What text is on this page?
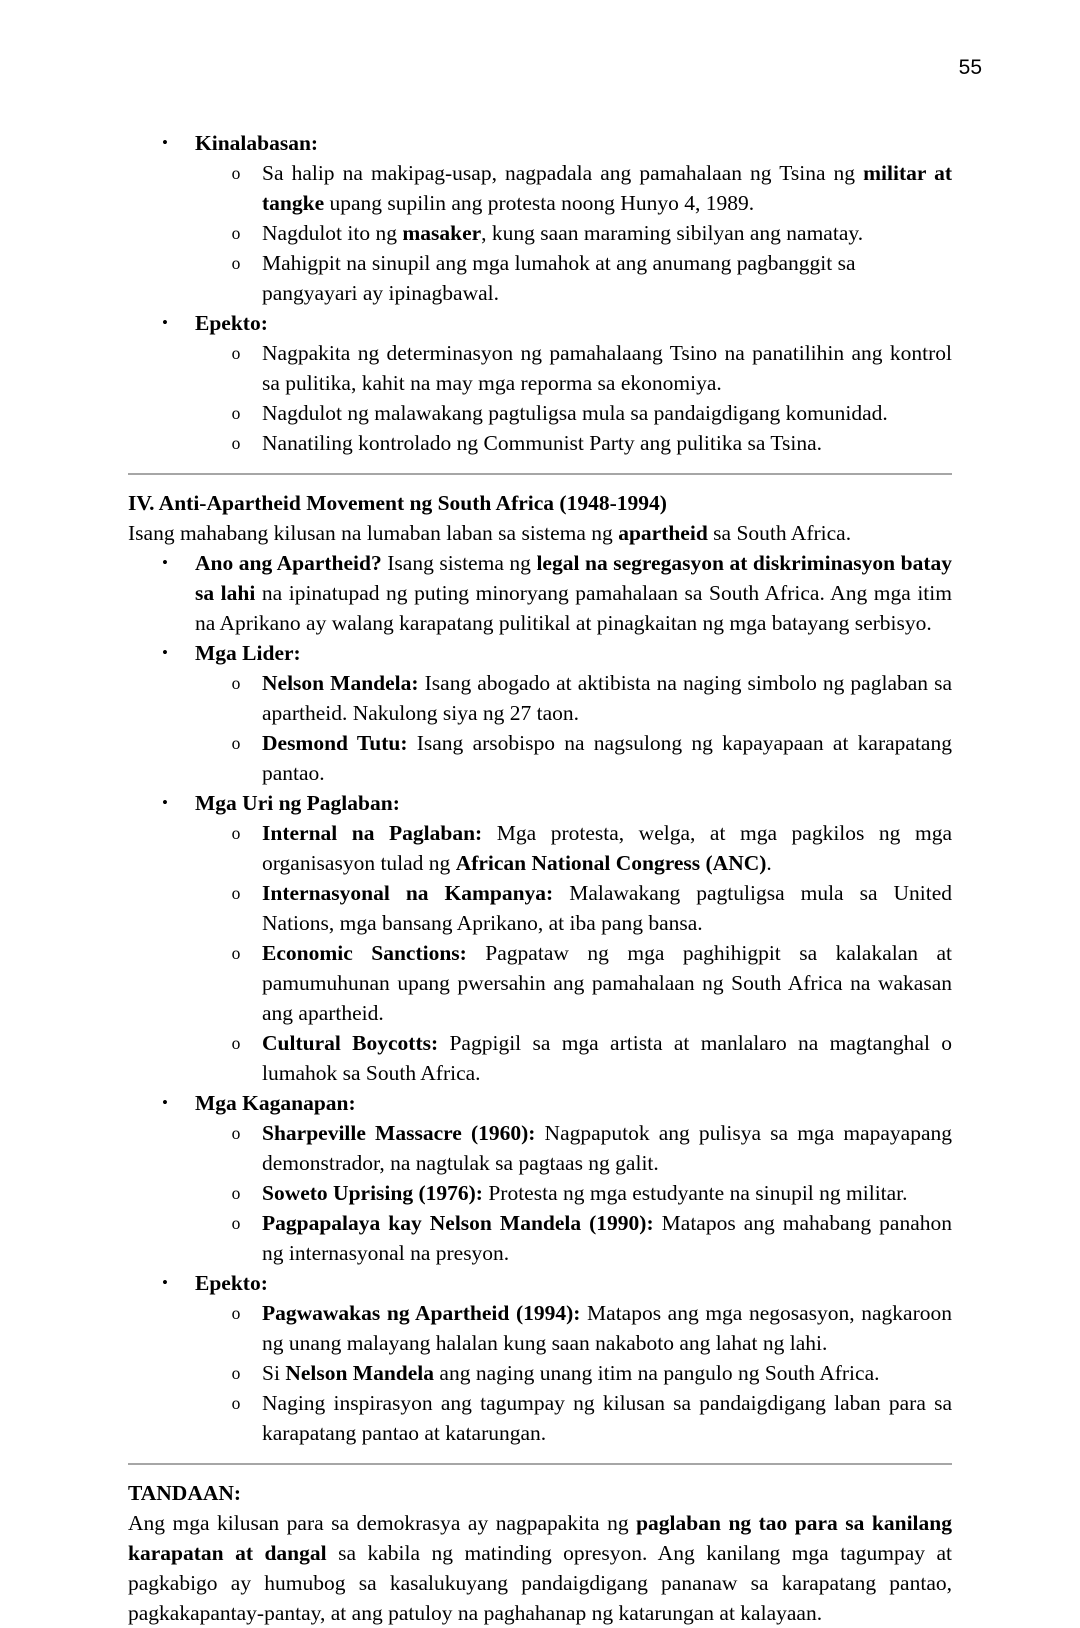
55
• Kinalabasan:
o Sa halip na makipag-usap, nagpadala ang pamahalaan ng Tsina ng militar at tangke upang supilin ang protesta noong Hunyo 4, 1989.
o Nagdulot ito ng masaker, kung saan maraming sibilyan ang namatay.
o Mahigpit na sinupil ang mga lumahok at ang anumang pagbanggit sa pangyayari ay ipinagbawal.
• Epekto:
o Nagpakita ng determinasyon ng pamahalaang Tsino na panatilihin ang kontrol sa pulitika, kahit na may mga reporma sa ekonomiya.
o Nagdulot ng malawakang pagtuligsa mula sa pandaigdigang komunidad.
o Nanatiling kontrolado ng Communist Party ang pulitika sa Tsina.
IV. Anti-Apartheid Movement ng South Africa (1948-1994)
Isang mahabang kilusan na lumaban laban sa sistema ng apartheid sa South Africa.
• Ano ang Apartheid? Isang sistema ng legal na segregasyon at diskriminasyon batay sa lahi na ipinatupad ng puting minoryang pamahalaan sa South Africa. Ang mga itim na Aprikano ay walang karapatang pulitikal at pinagkaitan ng mga batayang serbisyo.
• Mga Lider:
o Nelson Mandela: Isang abogado at aktibista na naging simbolo ng paglaban sa apartheid. Nakulong siya ng 27 taon.
o Desmond Tutu: Isang arsobispo na nagsulong ng kapayapaan at karapatang pantao.
• Mga Uri ng Paglaban:
o Internal na Paglaban: Mga protesta, welga, at mga pagkilos ng mga organisasyon tulad ng African National Congress (ANC).
o Internasyonal na Kampanya: Malawakang pagtuligsa mula sa United Nations, mga bansang Aprikano, at iba pang bansa.
o Economic Sanctions: Pagpataw ng mga paghihigpit sa kalakalan at pamumuhunan upang pwersahin ang pamahalaan ng South Africa na wakasan ang apartheid.
o Cultural Boycotts: Pagpigil sa mga artista at manlalaro na magtanghal o lumahok sa South Africa.
• Mga Kaganapan:
o Sharpeville Massacre (1960): Nagpaputok ang pulisya sa mga mapayapang demonstrador, na nagtulak sa pagtaas ng galit.
o Soweto Uprising (1976): Protesta ng mga estudyante na sinupil ng militar.
o Pagpapalaya kay Nelson Mandela (1990): Matapos ang mahabang panahon ng internasyonal na presyon.
• Epekto:
o Pagwawakas ng Apartheid (1994): Matapos ang mga negosasyon, nagkaroon ng unang malayang halalan kung saan nakaboto ang lahat ng lahi.
o Si Nelson Mandela ang naging unang itim na pangulo ng South Africa.
o Naging inspirasyon ang tagumpay ng kilusan sa pandaigdigang laban para sa karapatang pantao at katarungan.
TANDAAN:
Ang mga kilusan para sa demokrasya ay nagpapakita ng paglaban ng tao para sa kanilang karapatan at dangal sa kabila ng matinding opresyon. Ang kanilang mga tagumpay at pagkabigo ay humubog sa kasalukuyang pandaigdigang pananaw sa karapatang pantao, pagkakapantay-pantay, at ang patuloy na paghahanap ng katarungan at kalayaan.
